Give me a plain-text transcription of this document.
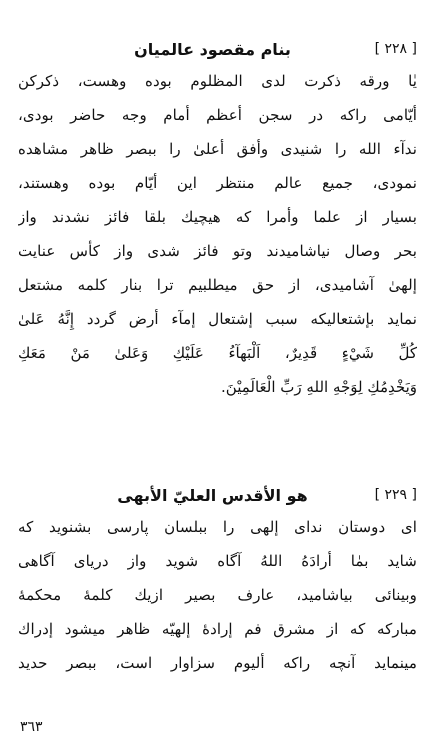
[ ٢٢٨ ]
بنام مقصود عالميان
يٰا ورقه ذكرت لدى المظلوم بوده وهست، ذكركن
أيّامى راكه در سجن أعظم أمام وجه حاضر بودى،
ندآء الله را شنيدى وأفق أعلىٰ را ببصر ظاهر مشاهده
نمودى، جميع عالم منتظر اين أيّام بوده وهستند،
بسيار از علما وأمرا كه هيچيك بلقا فائز نشدند واز
بحر وصال نياشاميدند وتو فائز شدى واز كأس عنايت
إلهىٰ آشاميدى، از حق ميطلبيم ترا بنار كلمه مشتعل
نمايد بإشتعاليكه سبب إشتعال إمآء أرض گردد إِنَّهُ عَلىٰ
كُلِّ شَيْءٍ قَدِيرٌ، اَلْبَهآءُ عَلَيْكِ وَعَلىٰ مَنْ مَعَكِ
وَيَخْدِمُكِ لِوَجْهِ اللهِ رَبِّ الْعَالَمِيْنَ.
[ ٢٢٩ ]
هو الأقدس العليّ الأبهى
اى دوستان نداى إلهى را ببلسان پارسى بشنويد كه
شايد بمٰا أرادَهُ اللهُ آگاه شويد واز درياى آگاهى
وبينائى بياشاميد، عارف بصير ازيك كلمهٔ محكمهٔ
مباركه كه از مشرق فم إرادهٔ إلهيّه ظاهر ميشود إدراك
مينمايد آنچه راكه أليوم سزاوار است، ببصر حديد
٣٦٣
